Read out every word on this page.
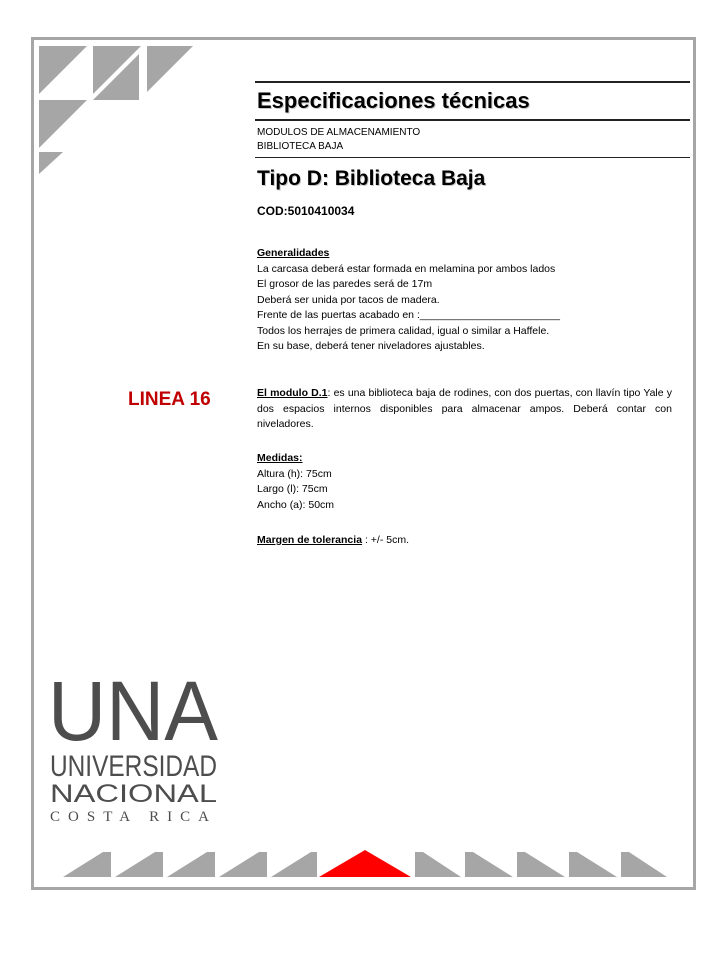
Especificaciones técnicas
MODULOS DE ALMACENAMIENTO
BIBLIOTECA BAJA
Tipo D: Biblioteca Baja
COD:5010410034
Generalidades
La carcasa deberá estar formada en melamina por ambos lados
El grosor de las paredes será de 17m
Deberá ser unida por tacos de madera.
Frente de las puertas acabado en :________________________
Todos los herrajes de primera calidad, igual o similar a Haffele.
En su base, deberá tener niveladores ajustables.
LINEA 16	El modulo D.1: es una biblioteca baja de rodines, con dos puertas, con llavín tipo Yale y dos espacios internos disponibles para almacenar ampos. Deberá contar con niveladores.
Medidas:
Altura (h): 75cm
Largo (l): 75cm
Ancho (a): 50cm
Margen de tolerancia : +/- 5cm.
UNA
UNIVERSIDAD
NACIONAL
COSTA RICA
